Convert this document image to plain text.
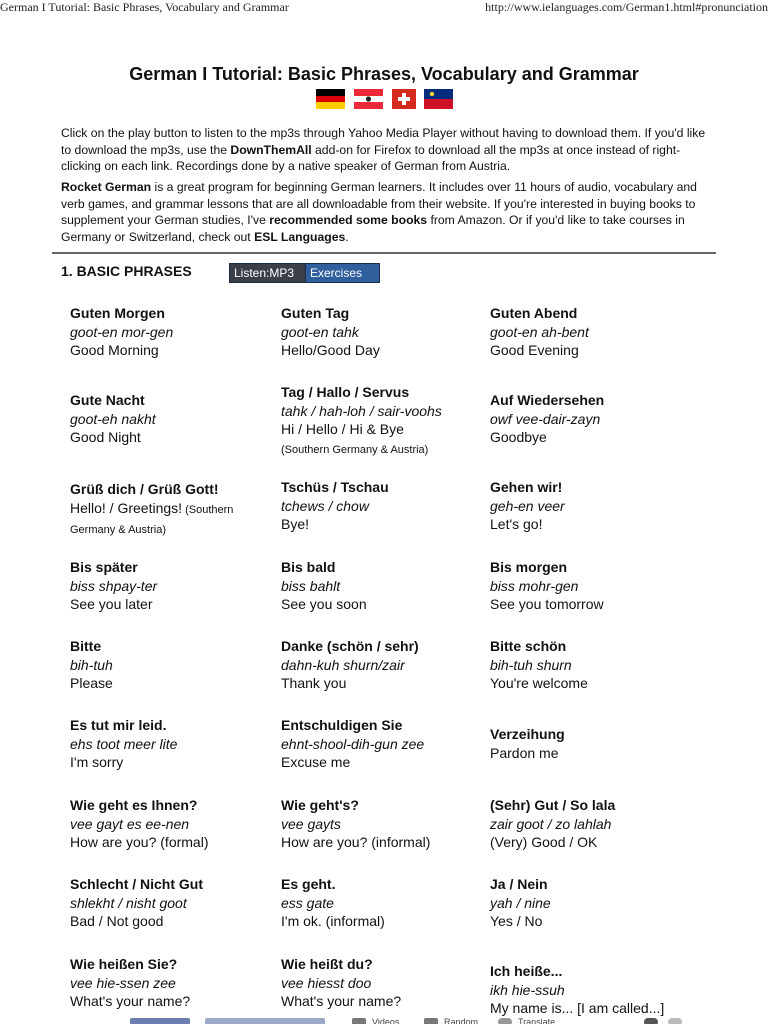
German I Tutorial: Basic Phrases, Vocabulary and Grammar	http://www.ielanguages.com/German1.html#pronunciation
German I Tutorial: Basic Phrases, Vocabulary and Grammar

Click on the play button to listen to the mp3s through Yahoo Media Player without having to download them. If you'd like to download the mp3s, use the DownThemAll add-on for Firefox to download all the mp3s at once instead of right-clicking on each link. Recordings done by a native speaker of German from Austria.

Rocket German is a great program for beginning German learners. It includes over 11 hours of audio, vocabulary and verb games, and grammar lessons that are all downloadable from their website. If you're interested in buying books to supplement your German studies, I've recommended some books from Amazon. Or if you'd like to take courses in Germany or Switzerland, check out ESL Languages.

1. BASIC PHRASES	Listen:MP3	Exercises
Guten Morgen
goot-en mor-gen
Good Morning
Guten Tag
goot-en tahk
Hello/Good Day
Guten Abend
goot-en ah-bent
Good Evening
Gute Nacht
goot-eh nakht
Good Night
Tag / Hallo / Servus
tahk / hah-loh / sair-voohs
Hi / Hello / Hi & Bye
(Southern Germany & Austria)
Auf Wiedersehen
owf vee-dair-zayn
Goodbye
Grüß dich / Grüß Gott!
Hello! / Greetings! (Southern Germany & Austria)
Tschüs / Tschau
tchews / chow
Bye!
Gehen wir!
geh-en veer
Let's go!
Bis später
biss shpay-ter
See you later
Bis bald
biss bahlt
See you soon
Bis morgen
biss mohr-gen
See you tomorrow
Bitte
bih-tuh
Please
Danke (schön / sehr)
dahn-kuh shurn/zair
Thank you
Bitte schön
bih-tuh shurn
You're welcome
Es tut mir leid.
ehs toot meer lite
I'm sorry
Entschuldigen Sie
ehnt-shool-dih-gun zee
Excuse me
Verzeihung
Pardon me
Wie geht es Ihnen?
vee gayt es ee-nen
How are you? (formal)
Wie geht's?
vee gayts
How are you? (informal)
(Sehr) Gut / So lala
zair goot / zo lahlah
(Very) Good / OK
Schlecht / Nicht Gut
shlekht / nisht goot
Bad / Not good
Es geht.
ess gate
I'm ok. (informal)
Ja / Nein
yah / nine
Yes / No
Wie heißen Sie?
vee hie-ssen zee
What's your name?
Wie heißt du?
vee hiesst doo
What's your name?
Ich heiße...
ikh hie-ssuh
My name is... [I am called...]
Videos	Random	Translate
